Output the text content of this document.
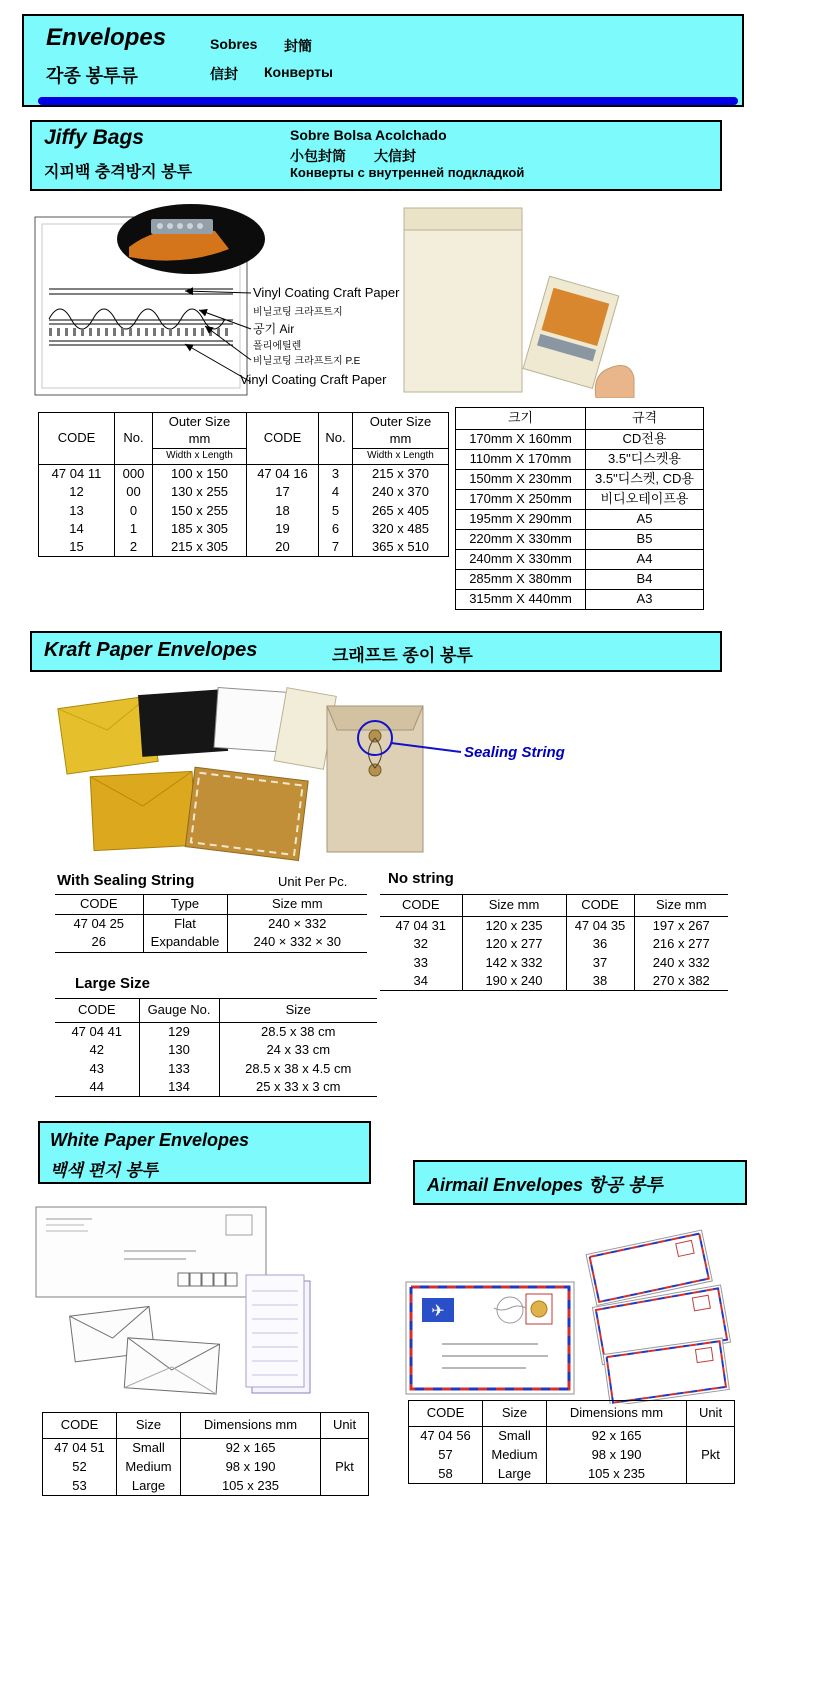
Envelopes
각종 봉투류
Sobres 封簡
信封 Конверты
Jiffy Bags
지피백 충격방지 봉투
Sobre Bolsa Acolchado
小包封筒　　大信封
Конверты с внутренней подкладкой
Vinyl Coating Craft Paper
비닐코팅 크라프트지
공기 Air
폴리에틸렌
비닐코팅 크라프트지 P.E
Vinyl Coating Craft Paper
CODE	No.	
Outer Size
mm	CODE	No.	
Outer Size
mm

		Width x Length			Width x Length
47 04 11	000	100 x 150	47 04 16	3	215 x 370
12	00	130 x 255	17	4	240 x 370
13	0	150 x 255	18	5	265 x 405
14	1	185 x 305	19	6	320 x 485
15	2	215 x 305	20	7	365 x 510
크기	규격
170mm X 160mm	CD전용
110mm X 170mm	3.5"디스켓용
150mm X 230mm	3.5"디스켓, CD용
170mm X 250mm	비디오테이프용
195mm X 290mm	A5
220mm X 330mm	B5
240mm X 330mm	A4
285mm X 380mm	B4
315mm X 440mm	A3
Kraft Paper Envelopes	크래프트 종이 봉투
Sealing String
With Sealing String	Unit Per Pc.
CODE	Type	Size mm
47 04 25	Flat	240 × 332
26	Expandable	240 × 332 × 30
No string
CODE	Size mm	CODE	Size mm
47 04 31	120 x 235	47 04 35	197 x 267
32	120 x 277	36	216 x 277
33	142 x 332	37	240 x 332
34	190 x 240	38	270 x 382
Large Size
CODE	Gauge No.	Size
47 04 41	129	28.5 x 38 cm
42	130	24 x 33 cm
43	133	28.5 x 38 x 4.5 cm
44	134	25 x 33 x 3 cm
White Paper Envelopes
백색 편지 봉투
Airmail Envelopes 항공 봉투
✈
CODE	Size	Dimensions mm	Unit
47 04 51	Small	92 x 165	Pkt
52	Medium	98 x 190	
53	Large	105 x 235	
CODE	Size	Dimensions mm	Unit
47 04 56	Small	92 x 165	Pkt
57	Medium	98 x 190	
58	Large	105 x 235	
